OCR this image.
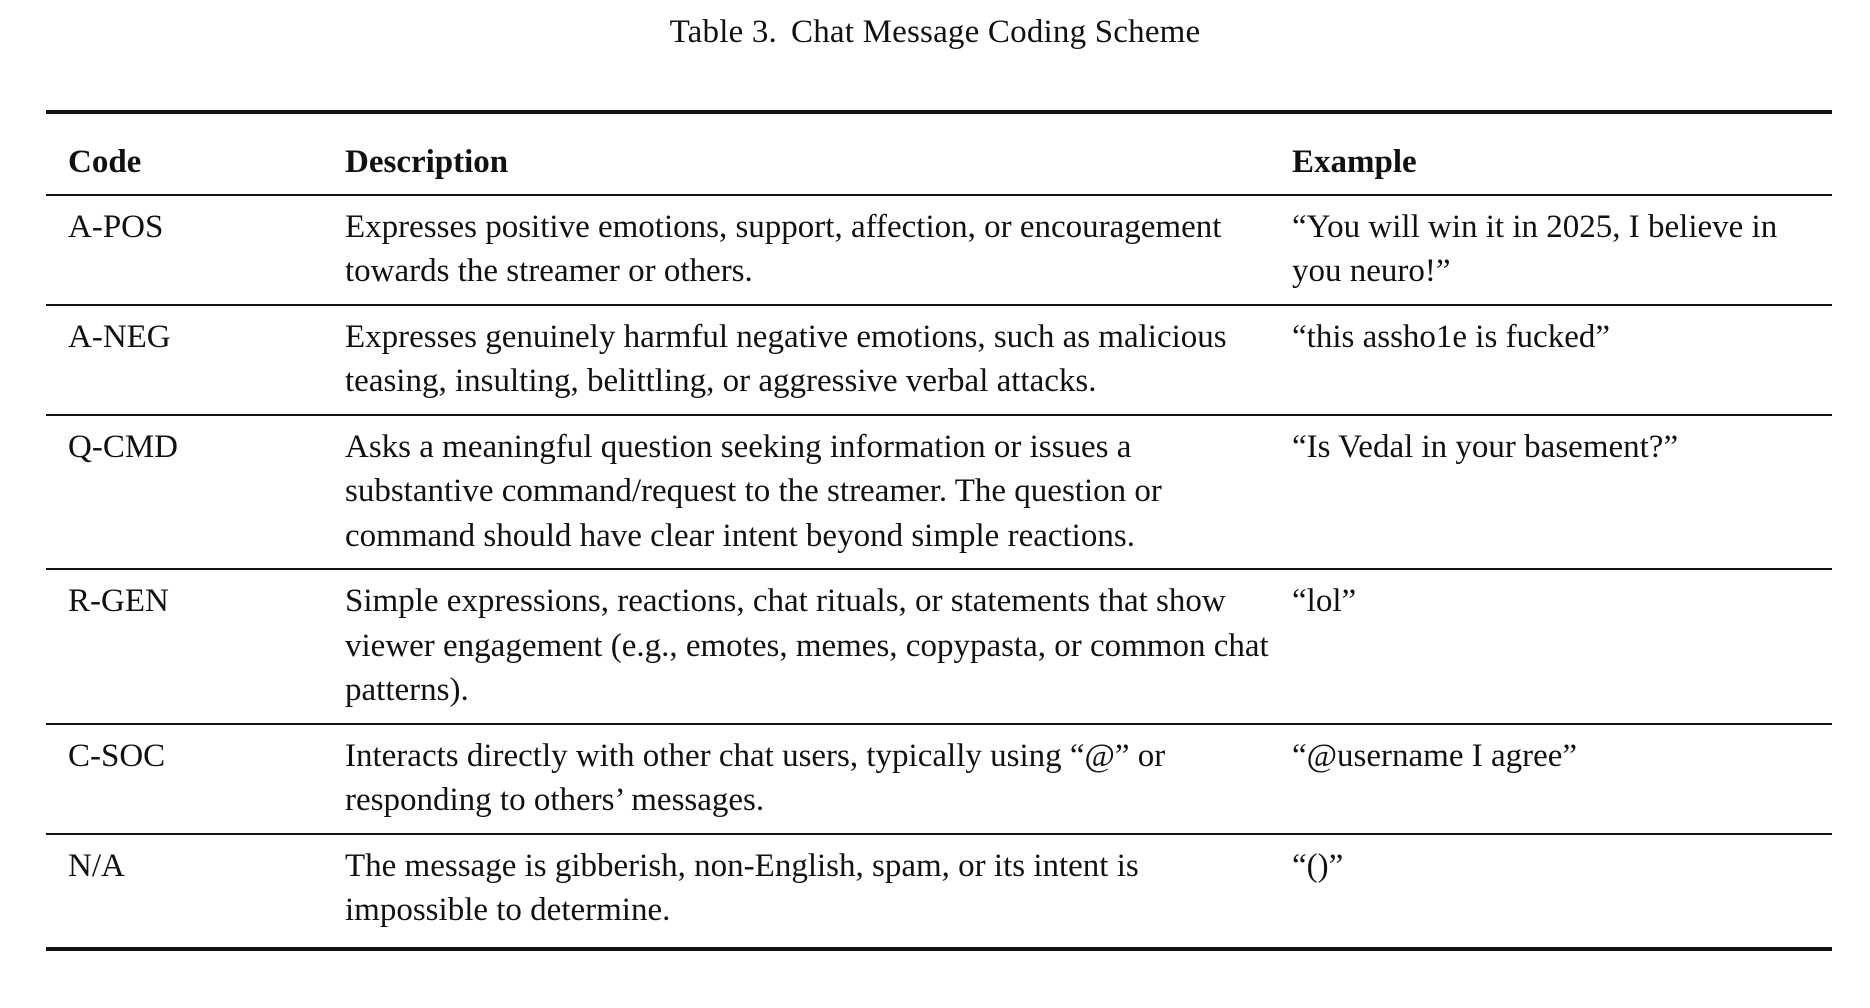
Table 3. Chat Message Coding Scheme
Code	Description	Example
A-POS	Expresses positive emotions, support, affection, or encouragement towards the streamer or others.	“You will win it in 2025, I believe in you neuro!”
A-NEG	Expresses genuinely harmful negative emotions, such as malicious teasing, insulting, belittling, or aggressive verbal attacks.	“this assho1e is fucked”
Q-CMD	Asks a meaningful question seeking information or issues a substantive command/request to the streamer. The question or command should have clear intent beyond simple reactions.	“Is Vedal in your basement?”
R-GEN	Simple expressions, reactions, chat rituals, or statements that show viewer engagement (e.g., emotes, memes, copypasta, or common chat patterns).	“lol”
C-SOC	Interacts directly with other chat users, typically using “@” or responding to others’ messages.	“@username I agree”
N/A	The message is gibberish, non-English, spam, or its intent is impossible to determine.	“()”
